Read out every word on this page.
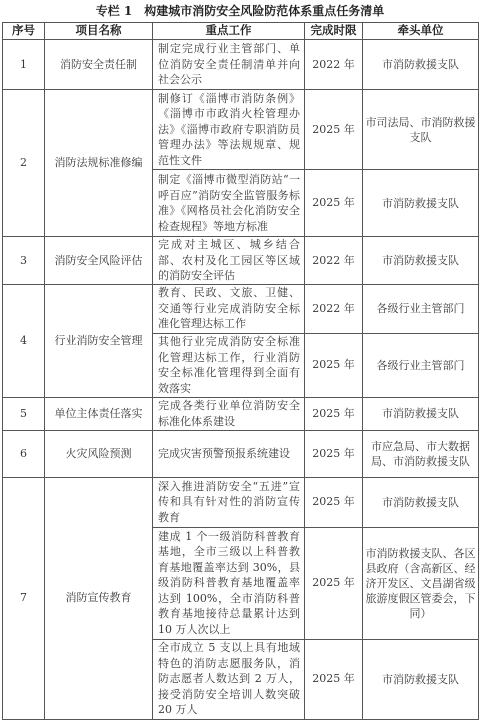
专栏 1　构建城市消防安全风险防范体系重点任务清单
序号	项目名称	重点工作	完成时限	牵头单位
1	消防安全责任制	制定完成行业主管部门、单位消防安全责任制清单并向社会公示	2022 年	市消防救援支队
2	消防法规标准修编	制修订《淄博市消防条例》《淄博市市政消火栓管理办法》《淄博市政府专职消防员管理办法》等法规规章、规范性文件	2025 年	市司法局、市消防救援支队
		制定《淄博市微型消防站“一呼百应”消防安全监管服务标准》《网格员社会化消防安全检查规程》等地方标准	2025 年	市消防救援支队
3	消防安全风险评估	完成对主城区、城乡结合部、农村及化工园区等区域的消防安全评估	2022 年	市消防救援支队
4	行业消防安全管理	教育、民政、文旅、卫健、交通等行业完成消防安全标准化管理达标工作	2022 年	各级行业主管部门
		其他行业完成消防安全标准化管理达标工作，行业消防安全标准化管理得到全面有效落实	2025 年	各级行业主管部门
5	单位主体责任落实	完成各类行业单位消防安全标准化体系建设	2025 年	市消防救援支队
6	火灾风险预测	完成灾害预警预报系统建设	2025 年	市应急局、市大数据局、市消防救援支队
7	消防宣传教育	深入推进消防安全“五进”宣传和具有针对性的消防宣传教育	2025 年	市消防救援支队
		建成 1 个一级消防科普教育基地，全市三级以上科普教育基地覆盖率达到 30%，县级消防科普教育基地覆盖率达到 100%，全市消防科普教育基地接待总量累计达到 10 万人次以上	2025 年	市消防救援支队、各区县政府（含高新区、经济开发区、文昌湖省级旅游度假区管委会，下同）
		全市成立 5 支以上具有地域特色的消防志愿服务队，消防志愿者人数达到 2 万人，接受消防安全培训人数突破 20 万人	2025 年	市消防救援支队
